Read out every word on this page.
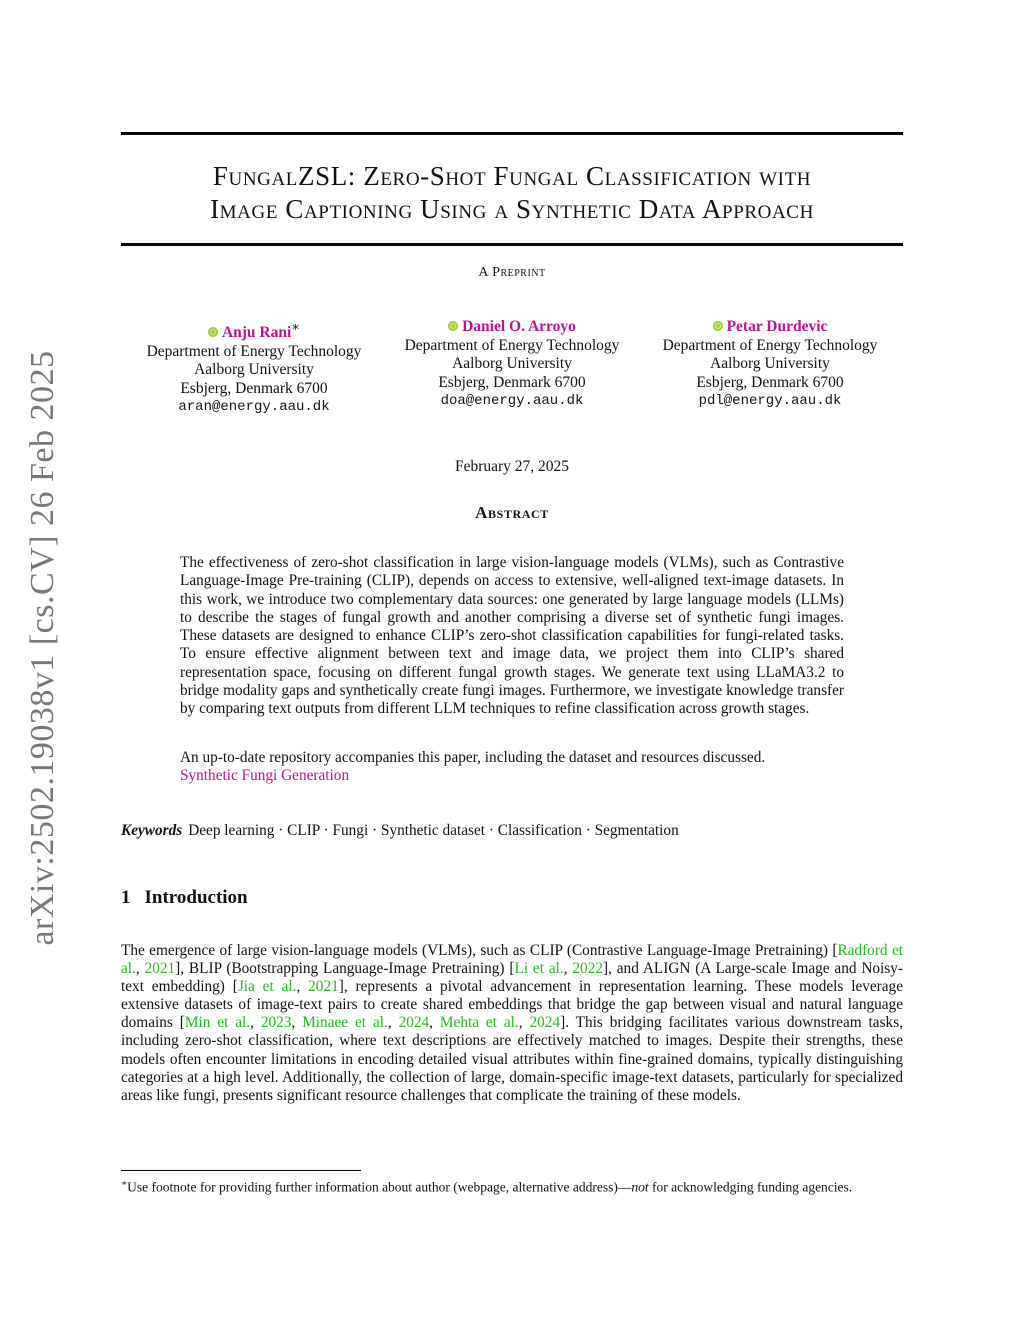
arXiv:2502.19038v1 [cs.CV] 26 Feb 2025
FungalZSL: Zero-Shot Fungal Classification with
Image Captioning Using a Synthetic Data Approach
A Preprint
Anju Rani∗
Department of Energy Technology
Aalborg University
Esbjerg, Denmark 6700
aran@energy.aau.dk
Daniel O. Arroyo
Department of Energy Technology
Aalborg University
Esbjerg, Denmark 6700
doa@energy.aau.dk
Petar Durdevic
Department of Energy Technology
Aalborg University
Esbjerg, Denmark 6700
pdl@energy.aau.dk
February 27, 2025
Abstract

The effectiveness of zero-shot classification in large vision-language models (VLMs), such as Contrastive Language-Image Pre-training (CLIP), depends on access to extensive, well-aligned text-image datasets. In this work, we introduce two complementary data sources: one generated by large language models (LLMs) to describe the stages of fungal growth and another comprising a diverse set of synthetic fungi images. These datasets are designed to enhance CLIP’s zero-shot classification capabilities for fungi-related tasks. To ensure effective alignment between text and image data, we project them into CLIP’s shared representation space, focusing on different fungal growth stages. We generate text using LLaMA3.2 to bridge modality gaps and synthetically create fungi images. Furthermore, we investigate knowledge transfer by comparing text outputs from different LLM techniques to refine classification across growth stages.

An up-to-date repository accompanies this paper, including the dataset and resources discussed.
Synthetic Fungi Generation

Keywords Deep learning · CLIP · Fungi · Synthetic dataset · Classification · Segmentation
1 Introduction

The emergence of large vision-language models (VLMs), such as CLIP (Contrastive Language-Image Pretraining) [Radford et al., 2021], BLIP (Bootstrapping Language-Image Pretraining) [Li et al., 2022], and ALIGN (A Large-scale Image and Noisy-text embedding) [Jia et al., 2021], represents a pivotal advancement in representation learning. These models leverage extensive datasets of image-text pairs to create shared embeddings that bridge the gap between visual and natural language domains [Min et al., 2023, Minaee et al., 2024, Mehta et al., 2024]. This bridging facilitates various downstream tasks, including zero-shot classification, where text descriptions are effectively matched to images. Despite their strengths, these models often encounter limitations in encoding detailed visual attributes within fine-grained domains, typically distinguishing categories at a high level. Additionally, the collection of large, domain-specific image-text datasets, particularly for specialized areas like fungi, presents significant resource challenges that complicate the training of these models.

∗Use footnote for providing further information about author (webpage, alternative address)—not for acknowledging funding agencies.
